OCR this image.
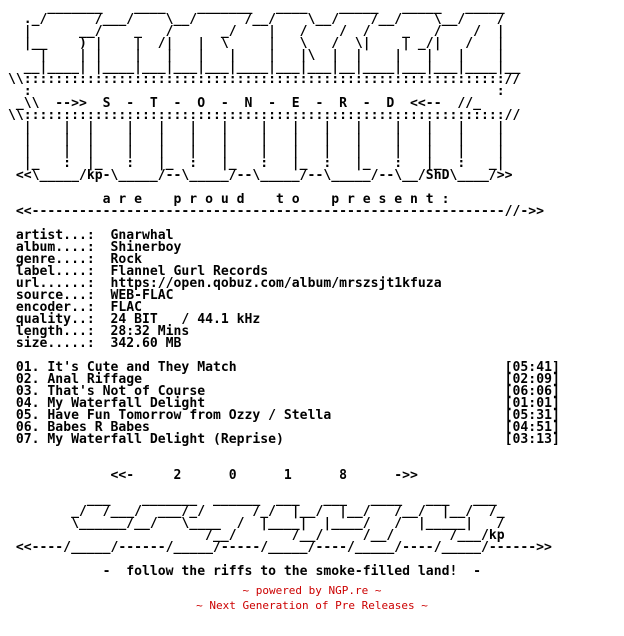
_______    ____    _______   ____    _____   _____   _____
._/      /___/    \__/      /__/    \__/    /__/    \__/    /
|      __/    _   /      _/    |   /    /  /    _   /    /  |
|__    ) |    |  /|   |  \     |   \   /  \|    | _/|   /   |
|    | |    |   |   |   |    |   |\  |  |    |   |   |    |
__|____| |____|___|___|___|____|___|___|__|____|___|___|____|__
\\::::::::::::::::::::::::::::::::::::::::::::::::::::::::::::://
:                                                           :
_\\  -->>  S  -  T  -  O  -  N  -  E  -  R  -  D  <<--  //_
\\::::::::::::::::::::::::::::::::::::::::::::::::::::::::::::://
|    |  |    |   |   |   |    |   |   |   |    |   |   |    |
|    |  |    |   |   |   |    |   |   |   |    |   |   |    |
|    |  |    |   |   |   |    |   |   |   |    |   |   |    |
|_   :  |_   :   |_  :   |_   :   |_  :   |_   :   |_  :   _|
<<\_____/kp-\_____/--\_____/--\_____/--\_____/--\__/ShD\____/>>

a r e    p r o u d    t o    p r e s e n t :
<<------------------------------------------------------------//->>

artist...:  Gnarwhal
album....:  Shinerboy
genre....:  Rock
label....:  Flannel Gurl Records
url......:  https://open.qobuz.com/album/mrszsjt1kfuza
source...:  WEB-FLAC
encoder..:  FLAC
quality..:  24 BIT   / 44.1 kHz
length...:  28:32 Mins
size.....:  342.60 MB

01. It's Cute and They Match	[05:41]
02. Anal Riffage	[02:09]
03. That's Not of Course	[06:06]
04. My Waterfall Delight	[01:01]
05. Have Fun Tomorrow from Ozzy / Stella	[05:31]
06. Babes R Babes	[04:51]
07. My Waterfall Delight (Reprise)	[03:13]

<<-     2      0      1      8      ->>

___    _______  ______  ___   ___   ____   ___   ___
_/  /___/  ___/_/      /_/  |__/  |__/   /__/  |__/  /_
\______/__/   \____  /  |____|  |____/   /  |_____|   /
/__/       /__/     /__/       /___/kp
<<----/_____/------/_____/-----/_____/----/_____/----/_____/------>>

-  follow the riffs to the smoke-filled land!  -
~ powered by NGP.re ~
~ Next Generation of Pre Releases ~
